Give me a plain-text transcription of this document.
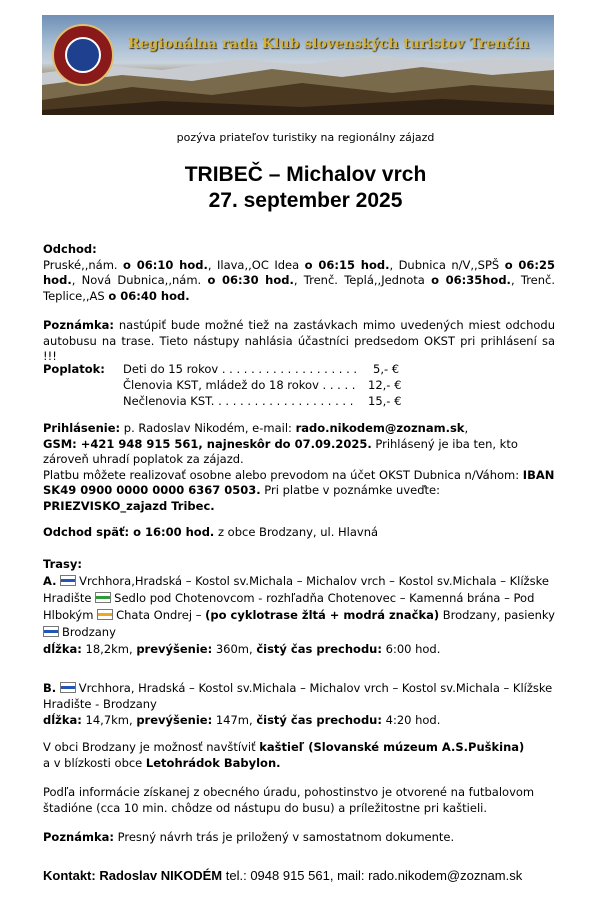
Regionálna rada Klub slovenských turistov Trenčín
pozýva priateľov turistiky na regionálny zájazd
TRIBEČ – Michalov vrch
27. september 2025
Odchod:
Pruské,,nám. o 06:10 hod., Ilava,,OC Idea o 06:15 hod., Dubnica n/V,,SPŠ o 06:25 hod., Nová Dubnica,,nám. o 06:30 hod., Trenč. Teplá,,Jednota o 06:35hod., Trenč. Teplice,,AS o 06:40 hod.
Poznámka: nastúpiť bude možné tiež na zastávkach mimo uvedených miest odchodu autobusu na trase. Tieto nástupy nahlásia účastníci predsedom OKST pri prihlásení sa !!!
Poplatok: Deti do 15 rokov . . . . . . . . . . . . . . . . . . . 5,- €
Členovia KST, mládež do 18 rokov . . . . . 12,- €
Nečlenovia KST. . . . . . . . . . . . . . . . . . . . 15,- €
Prihlásenie: p. Radoslav Nikodém, e-mail: rado.nikodem@zoznam.sk,
GSM: +421 948 915 561, najneskôr do 07.09.2025. Prihlásený je iba ten, kto zároveň uhradí poplatok za zájazd.
Platbu môžete realizovať osobne alebo prevodom na účet OKST Dubnica n/Váhom: IBAN SK49 0900 0000 0000 6367 0503. Pri platbe v poznámke uveďte:
PRIEZVISKO_zajazd Tribec.
Odchod späť: o 16:00 hod. z obce Brodzany, ul. Hlavná
Trasy:
A. Vrchhora,Hradská – Kostol sv.Michala – Michalov vrch – Kostol sv.Michala – Klížske Hradište Sedlo pod Chotenovcom - rozhľadňa Chotenovec – Kamenná brána – Pod Hlbokým Chata Ondrej – (po cyklotrase žltá + modrá značka) Brodzany, pasienky
Brodzany
dĺžka: 18,2km, prevýšenie: 360m, čistý čas prechodu: 6:00 hod.
B. Vrchhora, Hradská – Kostol sv.Michala – Michalov vrch – Kostol sv.Michala – Klížske Hradište - Brodzany
dĺžka: 14,7km, prevýšenie: 147m, čistý čas prechodu: 4:20 hod.
V obci Brodzany je možnosť navštíviť kaštieľ (Slovanské múzeum A.S.Puškina)
a v blízkosti obce Letohrádok Babylon.
Podľa informácie získanej z obecného úradu, pohostinstvo je otvorené na futbalovom štadióne (cca 10 min. chôdze od nástupu do busu) a príležitostne pri kaštieli.
Poznámka: Presný návrh trás je priložený v samostatnom dokumente.
Kontakt: Radoslav NIKODÉM tel.: 0948 915 561, mail: rado.nikodem@zoznam.sk
